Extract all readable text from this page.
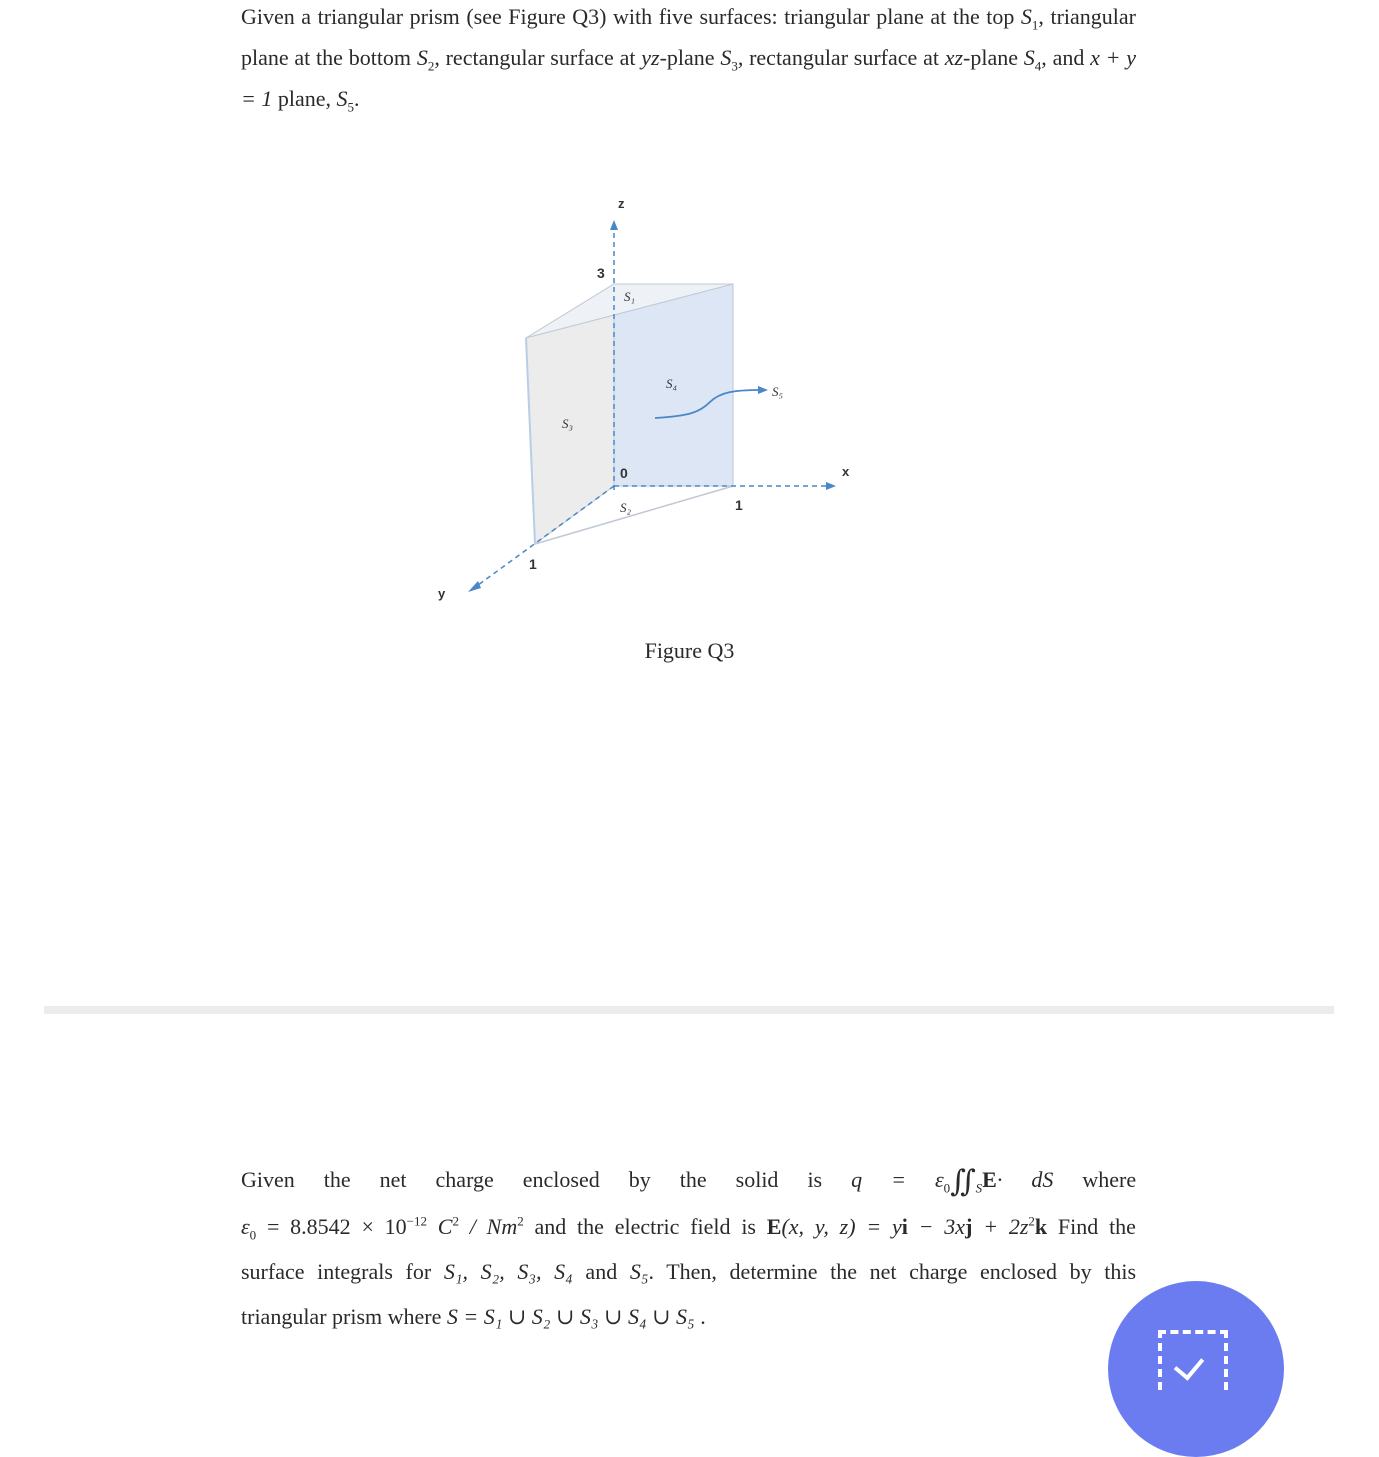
Given a triangular prism (see Figure Q3) with five surfaces: triangular plane at the top $S_1$, triangular plane at the bottom $S_2$, rectangular surface at yz-plane $S_3$, rectangular surface at xz-plane $S_4$, and x + y = 1 plane, $S_5$.
z
x
y
3
1
1
0
S₁
S₂
S₃
S₄
S₅
Figure Q3
Given the net charge enclosed by the solid is $q = \varepsilon_0∬_SE\cdot$ dS where
$\varepsilon_0 = 8.8542 \times 10^{-12}$ $C^2 / Nm^2$ and the electric field is E(x, y, z) = yi − $3xj + 2z^2k$ Find the
surface integrals for S₁, S₂, S₃, S₄ and S₅. Then, determine the net charge enclosed by this
triangular prism where S = S₁ ∪ S₂ ∪ S₃ ∪ S₄ ∪ S₅ .
